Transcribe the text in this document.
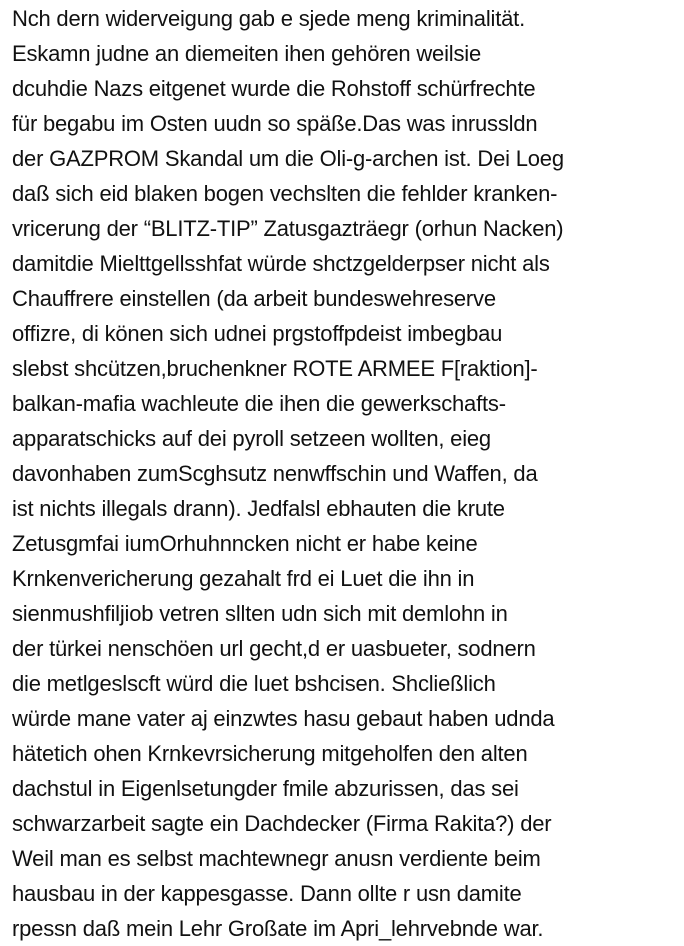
Nch dern widerveigung gab e sjede meng kriminalität.
Eskamn judne an diemeiten ihen gehören weilsie
dcuhdie Nazs eitgenet wurde die Rohstoff schürfrechte
für begabu im Osten uudn so späße.Das was inrussldn
der GAZPROM Skandal um die Oli-g-archen ist. Dei Loeg
daß sich eid blaken bogen vechslten die fehlder kranken-
vricerung der “BLITZ-TIP” Zatusgazträegr (orhun Nacken)
damitdie Mielttgellsshfat würde shctzgelderpser nicht als
Chauffrere einstellen (da arbeit bundeswehreserve
offizre, di könen sich udnei prgstoffpdeist imbegbau
slebst shcützen,bruchenkner ROTE ARMEE F[raktion]-
balkan-mafia wachleute die ihen die gewerkschafts-
apparatschicks auf dei pyroll setzeen wollten, eieg
davonhaben zumScghsutz nenwffschin und Waffen, da
ist nichts illegals drann). Jedfalsl ebhauten die krute
Zetusgmfai iumOrhuhnncken nicht er habe keine
Krnkenvericherung gezahalt frd ei Luet die ihn in
sienmushfiljiob vetren sllten udn sich mit demlohn in
der türkei nenschöen url gecht,d er uasbueter, sodnern
die metlgeslscft würd die luet bshcisen. Shcließlich
würde mane vater aj einzwtes hasu gebaut haben udnda
hätetich ohen Krnkevrsicherung mitgeholfen den alten
dachstul in Eigenlsetungder fmile abzurissen, das sei
schwarzarbeit sagte ein Dachdecker (Firma Rakita?) der
Weil man es selbst machtewnegr anusn verdiente beim
hausbau in der kappesgasse. Dann ollte r usn damite
rpessn daß mein Lehr Großate im Apri_lehrvebnde war.
